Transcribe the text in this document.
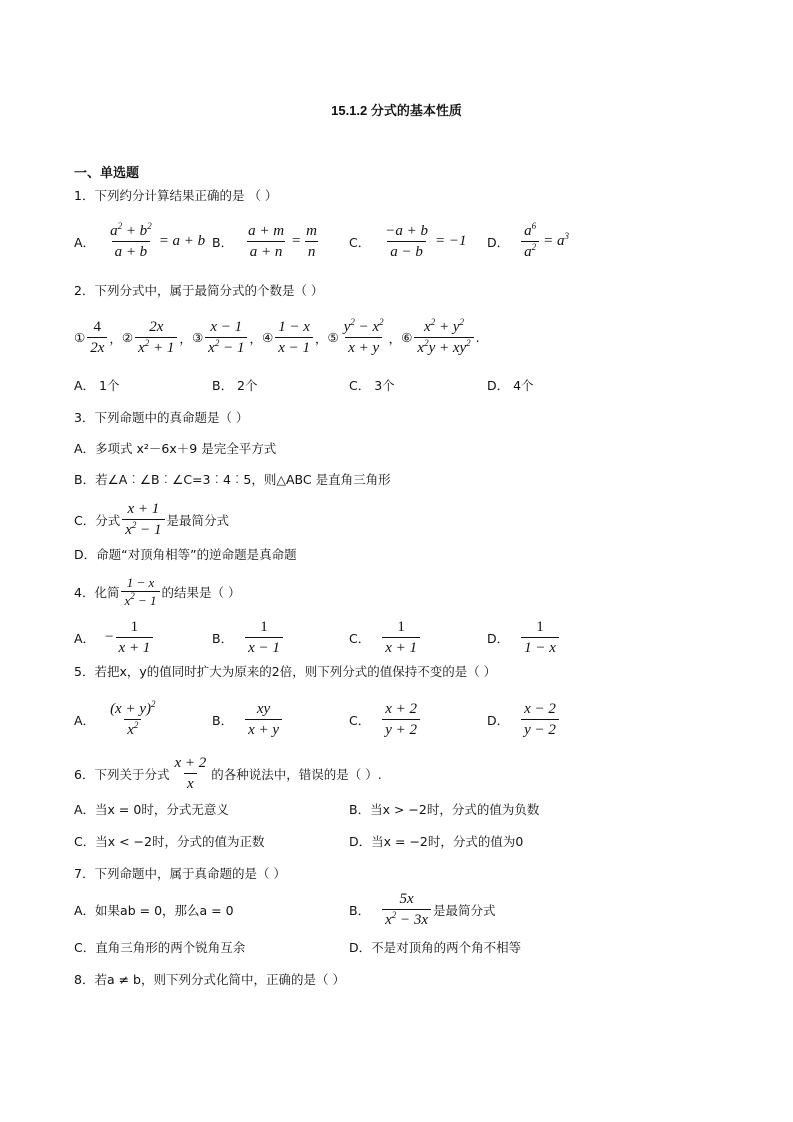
15.1.2 分式的基本性质
一、单选题
1．下列约分计算结果正确的是 （ ）
A． $\frac{a^2 + b^2}{a + b} = a + b$ B． $\frac{a + m}{a + n} = \frac{m}{n}$ C． $\frac{-a + b}{a - b} = -1$ D． $\frac{a^6}{a^2} = a^3$
2．下列分式中，属于最简分式的个数是（ ）
① $\frac{4}{2x}$ ， ② $\frac{2x}{x^2 + 1}$ ， ③ $\frac{x - 1}{x^2 - 1}$ ， ④ $\frac{1 - x}{x - 1}$ ， ⑤ $\frac{y^2 - x^2}{x + y}$ ， ⑥ $\frac{x^2 + y^2}{x^2y + xy^2}$ .
A． 1个	B． 2个	C． 3个	D． 4个
3．下列命题中的真命题是（ ）
A．多项式 x²－6x＋9 是完全平方式
B．若∠A︰∠B︰∠C=3︰4︰5，则△ABC 是直角三角形
C．分式 $\frac{x + 1}{x^2 - 1}$ 是最简分式
D．命题“对顶角相等”的逆命题是真命题
4．化简 $\frac{1 - x}{x^2 - 1}$ 的结果是（ ）
A． − $\frac{1}{x + 1}$	B． $\frac{1}{x - 1}$	C． $\frac{1}{x + 1}$	D． $\frac{1}{1 - x}$
5．若把x，y的值同时扩大为原来的2倍，则下列分式的值保持不变的是（ ）
A． $\frac{(x + y)^2}{x^2}$	B． $\frac{xy}{x + y}$	C． $\frac{x + 2}{y + 2}$	D． $\frac{x - 2}{y - 2}$
6．下列关于分式 $\frac{x + 2}{x}$ 的各种说法中，错误的是（ ）.
A．当x = 0时，分式无意义	B．当x > −2时，分式的值为负数
C．当x < −2时，分式的值为正数	D．当x = −2时，分式的值为0
7．下列命题中，属于真命题的是（ ）
A．如果ab = 0，那么a = 0	B． $\frac{5x}{x^2 - 3x}$ 是最简分式
C．直角三角形的两个锐角互余	D．不是对顶角的两个角不相等
8．若a ≠ b，则下列分式化简中，正确的是（ ）
